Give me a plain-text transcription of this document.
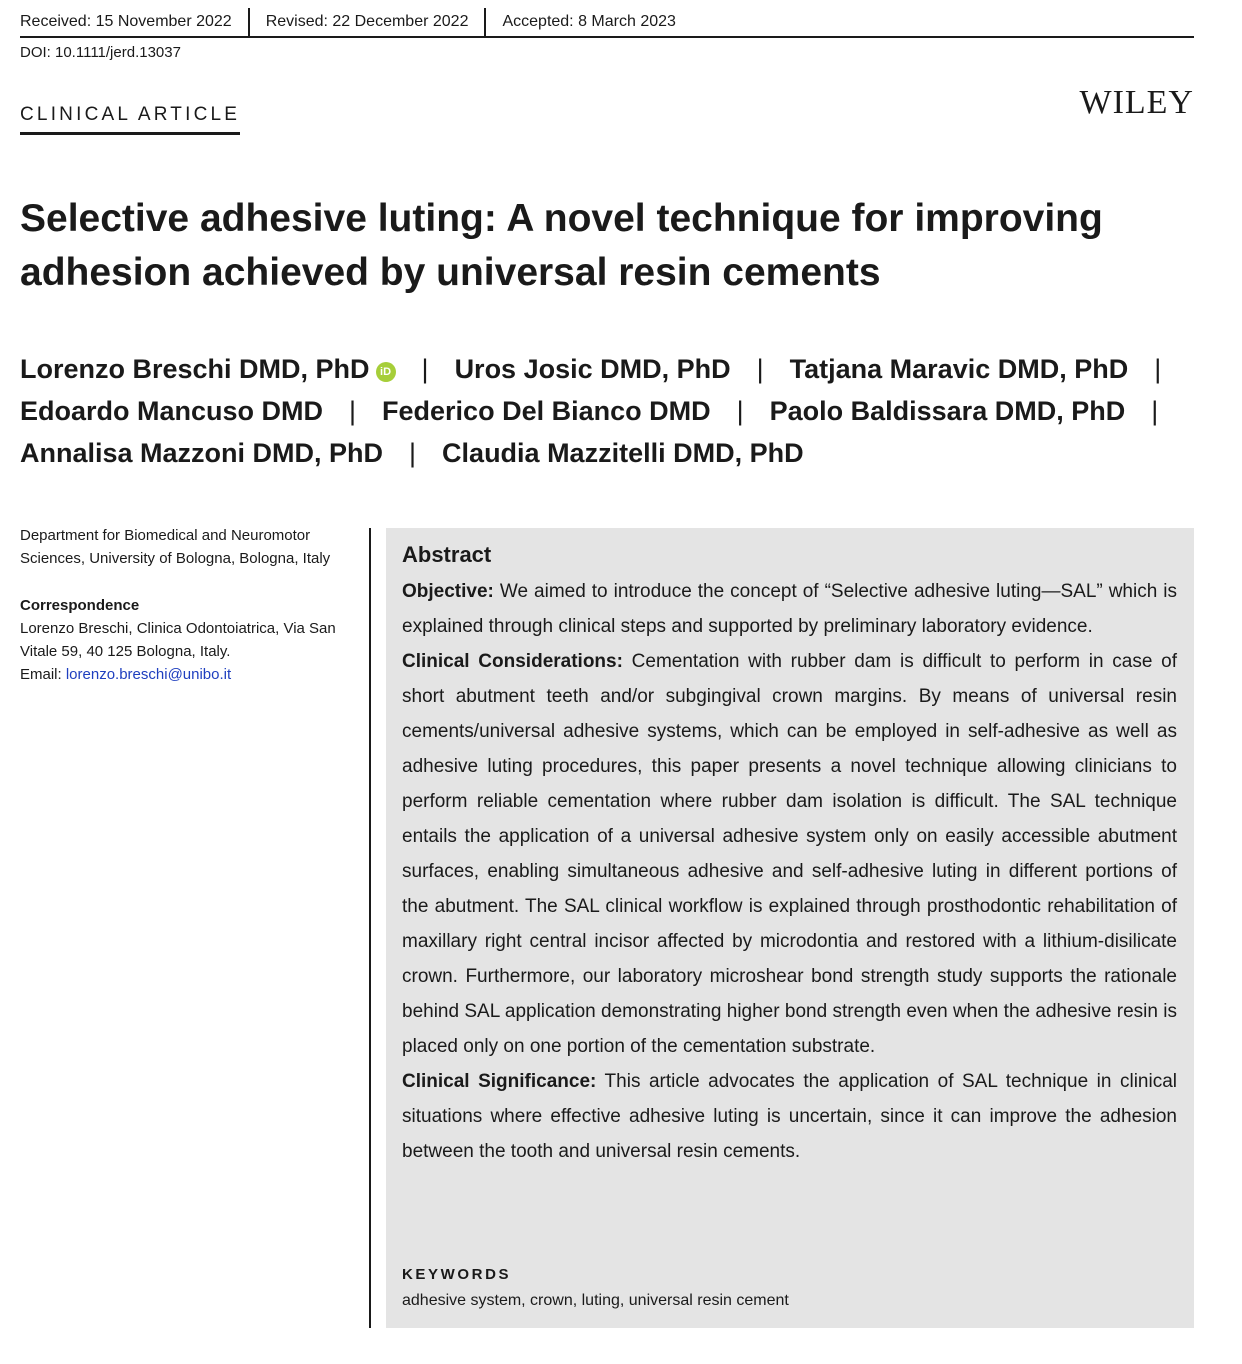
Received: 15 November 2022	Revised: 22 December 2022	Accepted: 8 March 2023
DOI: 10.1111/jerd.13037
CLINICAL ARTICLE	WILEY
Selective adhesive luting: A novel technique for improving adhesion achieved by universal resin cements
Lorenzo Breschi DMD, PhD iD | Uros Josic DMD, PhD | Tatjana Maravic DMD, PhD |
Edoardo Mancuso DMD | Federico Del Bianco DMD | Paolo Baldissara DMD, PhD |
Annalisa Mazzoni DMD, PhD | Claudia Mazzitelli DMD, PhD

Department for Biomedical and Neuromotor

Sciences, University of Bologna, Bologna, Italy

Correspondence

Lorenzo Breschi, Clinica Odontoiatrica, Via San

Vitale 59, 40 125 Bologna, Italy.

Email: lorenzo.breschi@unibo.it

Abstract

Objective: We aimed to introduce the concept of “Selective adhesive luting—SAL” which is explained through clinical steps and supported by preliminary laboratory evidence.

Clinical Considerations: Cementation with rubber dam is difficult to perform in case of short abutment teeth and/or subgingival crown margins. By means of universal resin cements/universal adhesive systems, which can be employed in self-adhesive as well as adhesive luting procedures, this paper presents a novel technique allowing clinicians to perform reliable cementation where rubber dam isolation is difficult. The SAL technique entails the application of a universal adhesive system only on easily accessible abutment surfaces, enabling simultaneous adhesive and self-adhesive luting in different portions of the abutment. The SAL clinical workflow is explained through prosthodontic rehabilitation of maxillary right central incisor affected by microdontia and restored with a lithium-disilicate crown. Furthermore, our laboratory microshear bond strength study supports the rationale behind SAL application demonstrating higher bond strength even when the adhesive resin is placed only on one portion of the cementation substrate.

Clinical Significance: This article advocates the application of SAL technique in clinical situations where effective adhesive luting is uncertain, since it can improve the adhesion between the tooth and universal resin cements.

KEYWORDS
adhesive system, crown, luting, universal resin cement
